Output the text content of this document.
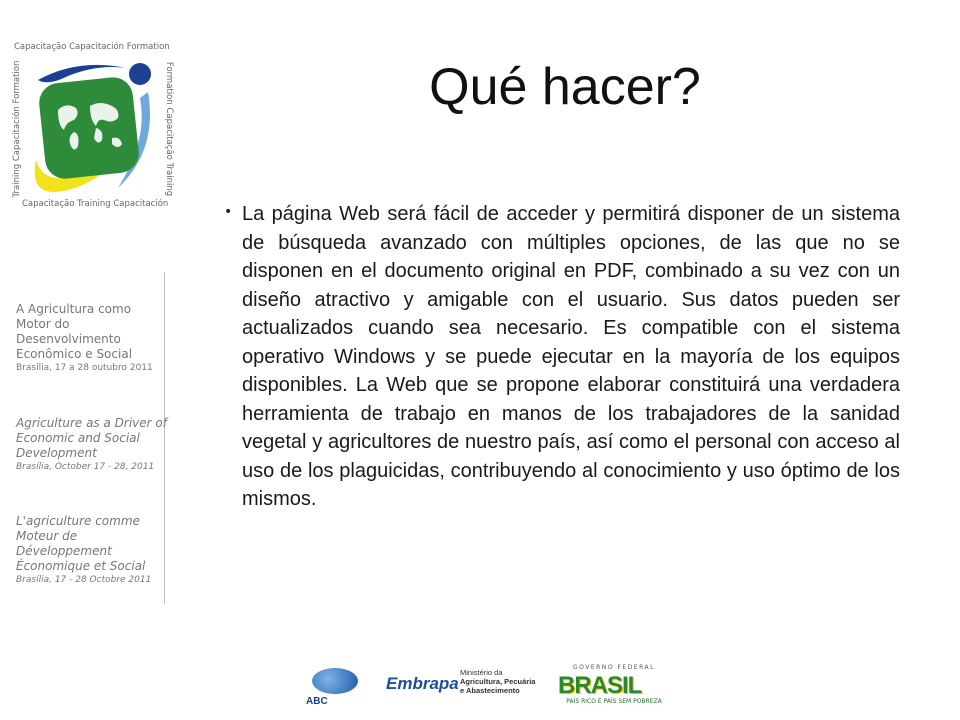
Capacitação Capacitación Formation
Capacitação Training Capacitación
Training Capacitación Formation	Formation Capacitação Training
A Agricultura como
Motor do
Desenvolvimento
Econômico e Social
Brasília, 17 a 28 outubro 2011
Agriculture as a Driver of
Economic and Social
Development
Brasília, October 17 - 28, 2011
L'agriculture comme
Moteur de Développement
Économique et Social
Brasília, 17 - 28 Octobre 2011
Qué hacer?
• La página Web será fácil de acceder y permitirá disponer de un sistema de búsqueda avanzado con múltiples opciones, de las que no se disponen en el documento original en PDF, combinado a su vez con un diseño atractivo y amigable con el usuario. Sus datos pueden ser actualizados cuando sea necesario. Es compatible con el sistema operativo Windows y se puede ejecutar en la mayoría de los equipos disponibles. La Web que se propone elaborar constituirá una verdadera herramienta de trabajo en manos de los trabajadores de la sanidad vegetal y agricultores de nuestro país, así como el personal con acceso al uso de los plaguicidas, contribuyendo al conocimiento y uso óptimo de los mismos.

ABC
Embrapa
Ministério da
Agricultura, Pecuária
e Abastecimento
GOVERNO FEDERAL
BRASIL
PAÍS RICO É PAÍS SEM POBREZA
